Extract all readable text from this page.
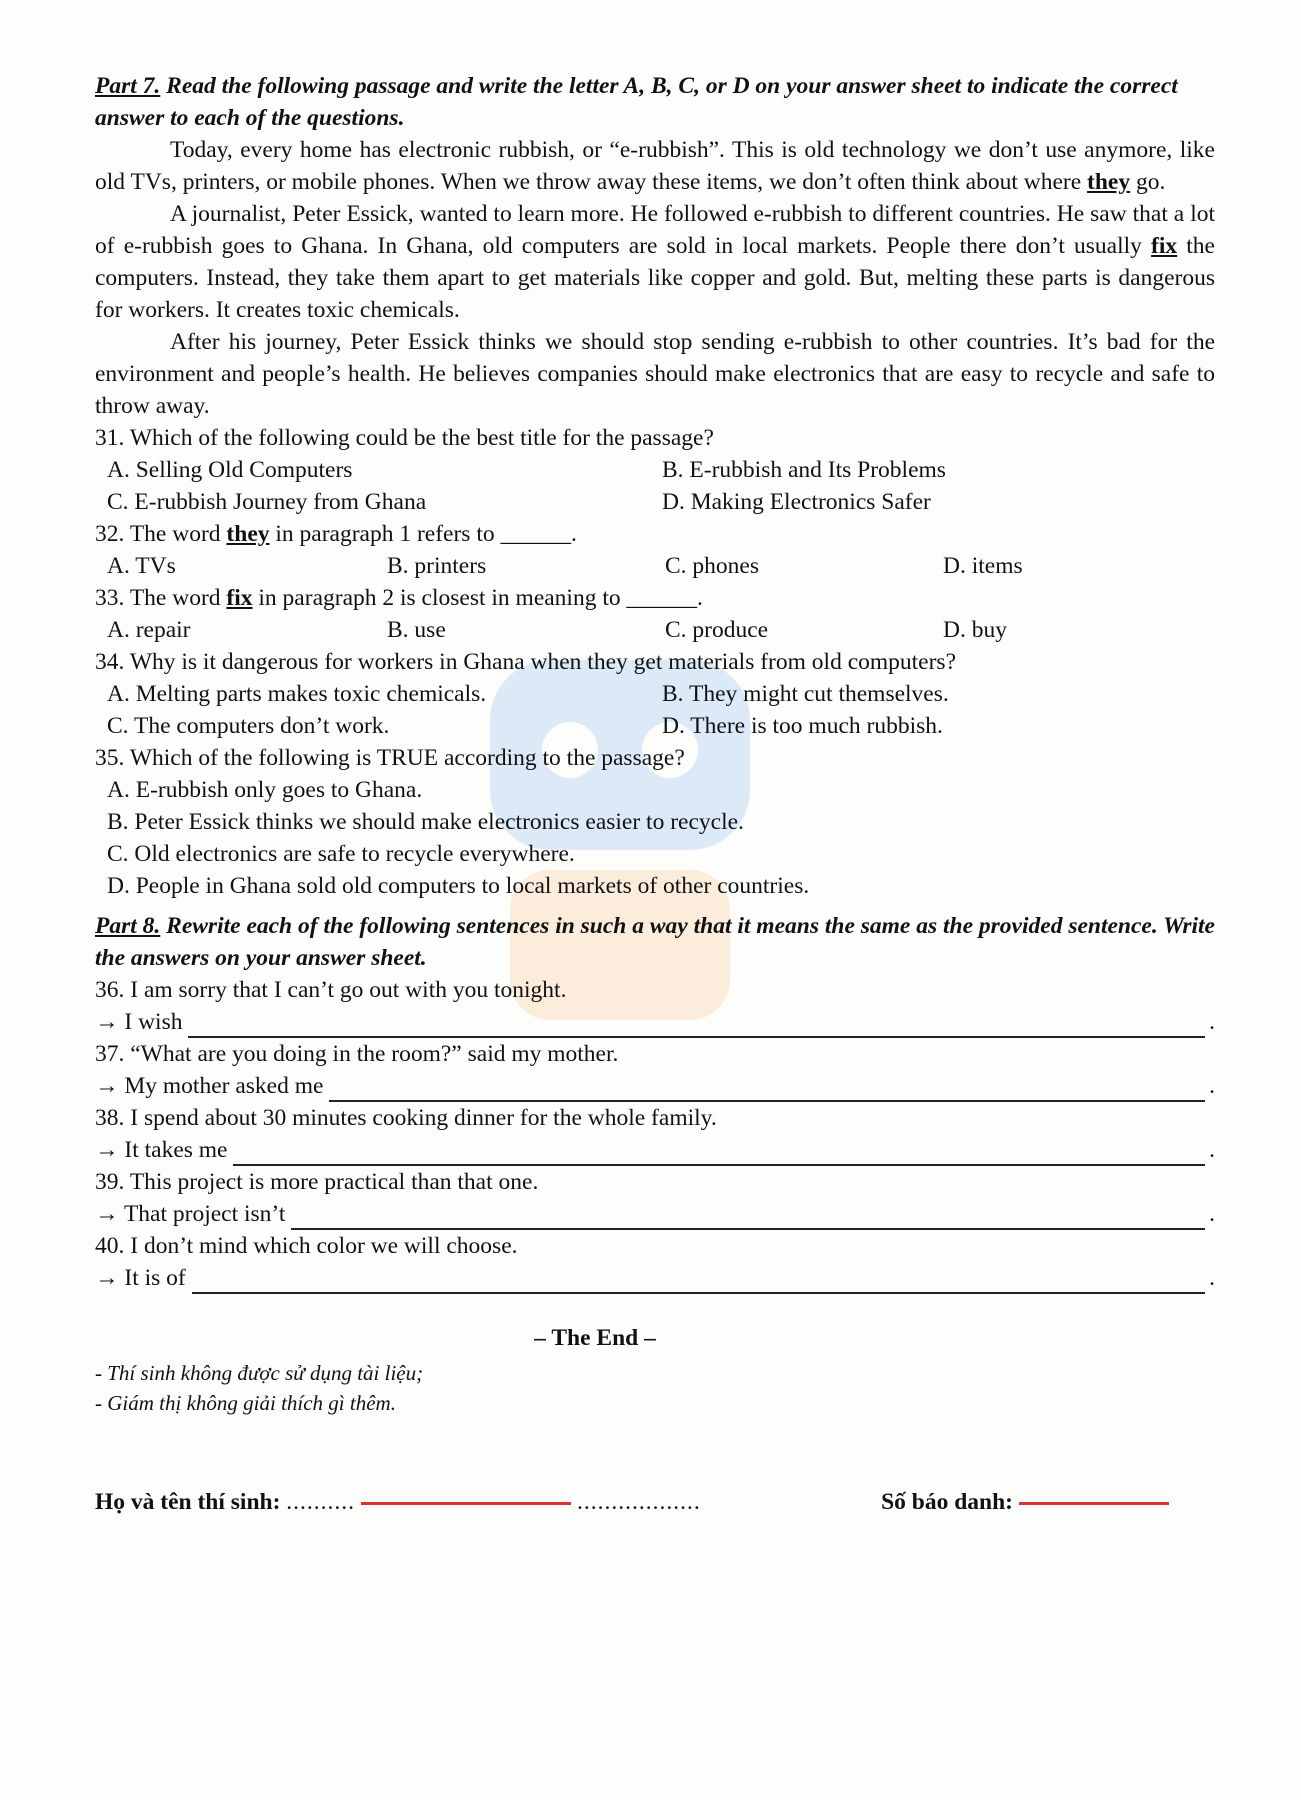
Part 7. Read the following passage and write the letter A, B, C, or D on your answer sheet to indicate the correct answer to each of the questions.

Today, every home has electronic rubbish, or “e-rubbish”. This is old technology we don’t use anymore, like old TVs, printers, or mobile phones. When we throw away these items, we don’t often think about where they go.

A journalist, Peter Essick, wanted to learn more. He followed e-rubbish to different countries. He saw that a lot of e-rubbish goes to Ghana. In Ghana, old computers are sold in local markets. People there don’t usually fix the computers. Instead, they take them apart to get materials like copper and gold. But, melting these parts is dangerous for workers. It creates toxic chemicals.

After his journey, Peter Essick thinks we should stop sending e-rubbish to other countries. It’s bad for the environment and people’s health. He believes companies should make electronics that are easy to recycle and safe to throw away.

31. Which of the following could be the best title for the passage?

A. Selling Old Computers	B. E-rubbish and Its Problems
C. E-rubbish Journey from Ghana	D. Making Electronics Safer

32. The word they in paragraph 1 refers to ______.

A. TVs	B. printers	C. phones	D. items

33. The word fix in paragraph 2 is closest in meaning to ______.

A. repair	B. use	C. produce	D. buy

34. Why is it dangerous for workers in Ghana when they get materials from old computers?

A. Melting parts makes toxic chemicals.	B. They might cut themselves.
C. The computers don’t work.	D. There is too much rubbish.

35. Which of the following is TRUE according to the passage?

A. E-rubbish only goes to Ghana.
B. Peter Essick thinks we should make electronics easier to recycle.
C. Old electronics are safe to recycle everywhere.
D. People in Ghana sold old computers to local markets of other countries.

Part 8. Rewrite each of the following sentences in such a way that it means the same as the provided sentence. Write the answers on your answer sheet.

36. I am sorry that I can’t go out with you tonight.

→ I wish	.

37. “What are you doing in the room?” said my mother.

→ My mother asked me	.

38. I spend about 30 minutes cooking dinner for the whole family.

→ It takes me	.

39. This project is more practical than that one.

→ That project isn’t	.

40. I don’t mind which color we will choose.

→ It is of	.

– The End –

- Thí sinh không được sử dụng tài liệu;

- Giám thị không giải thích gì thêm.

Họ và tên thí sinh: ..........	..................	Số báo danh:
